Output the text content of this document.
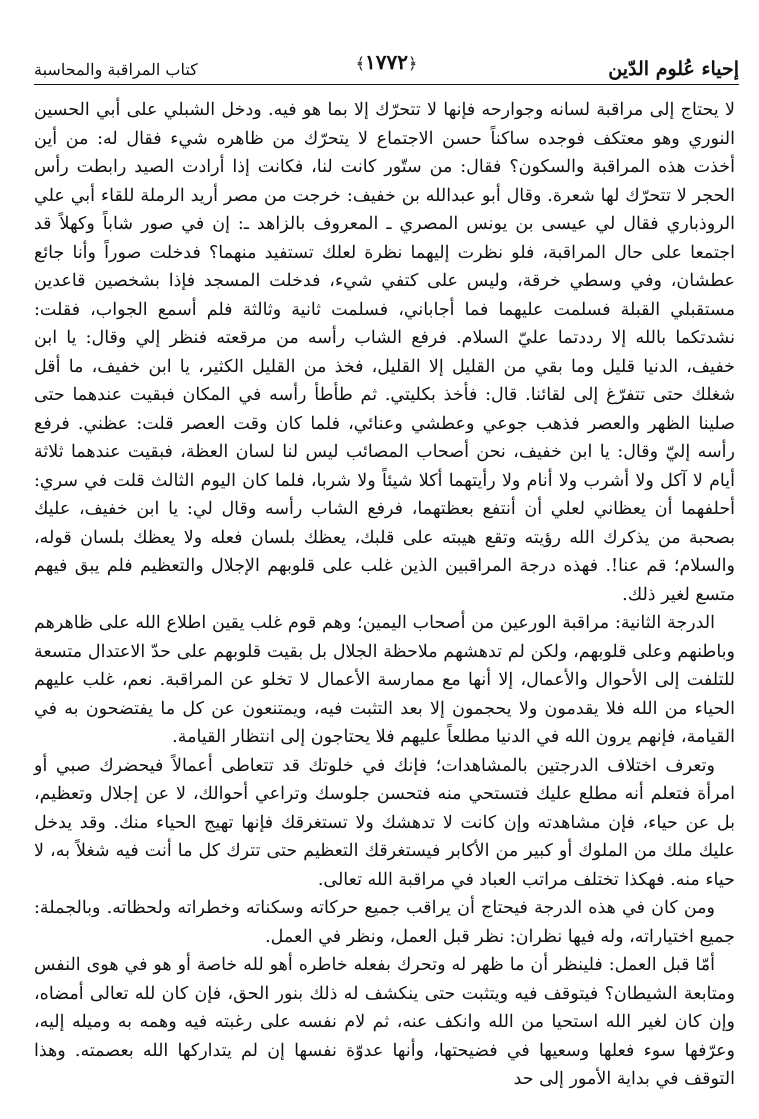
إحياء عُلوم الدّين
﴾١٧٧٢﴿
كتاب المراقبة والمحاسبة

لا يحتاج إلى مراقبة لسانه وجوارحه فإنها لا تتحرّك إلا بما هو فيه. ودخل الشبلي على أبي الحسين النوري وهو معتكف فوجده ساكناً حسن الاجتماع لا يتحرّك من ظاهره شيء فقال له: من أين أخذت هذه المراقبة والسكون؟ فقال: من ستّور كانت لنا، فكانت إذا أرادت الصيد رابطت رأس الحجر لا تتحرّك لها شعرة. وقال أبو عبدالله بن خفيف: خرجت من مصر أريد الرملة للقاء أبي علي الروذباري فقال لي عيسى بن يونس المصري ـ المعروف بالزاهد ـ: إن في صور شاباً وكهلاً قد اجتمعا على حال المراقبة، فلو نظرت إليهما نظرة لعلك تستفيد منهما؟ فدخلت صوراً وأنا جائع عطشان، وفي وسطي خرقة، وليس على كتفي شيء، فدخلت المسجد فإذا بشخصين قاعدين مستقبلي القبلة فسلمت عليهما فما أجاباني، فسلمت ثانية وثالثة فلم أسمع الجواب، فقلت: نشدتكما بالله إلا رددتما عليّ السلام. فرفع الشاب رأسه من مرقعته فنظر إلي وقال: يا ابن خفيف، الدنيا قليل وما بقي من القليل إلا القليل، فخذ من القليل الكثير، يا ابن خفيف، ما أقل شغلك حتى تتفرّغ إلى لقائنا. قال: فأخذ بكليتي. ثم طأطأ رأسه في المكان فبقيت عندهما حتى صلينا الظهر والعصر فذهب جوعي وعطشي وعنائي، فلما كان وقت العصر قلت: عظني. فرفع رأسه إليّ وقال: يا ابن خفيف، نحن أصحاب المصائب ليس لنا لسان العظة، فبقيت عندهما ثلاثة أيام لا آكل ولا أشرب ولا أنام ولا رأيتهما أكلا شيئاً ولا شربا، فلما كان اليوم الثالث قلت في سري: أحلفهما أن يعظاني لعلي أن أنتفع بعظتهما، فرفع الشاب رأسه وقال لي: يا ابن خفيف، عليك بصحبة من يذكرك الله رؤيته وتقع هيبته على قلبك، يعظك بلسان فعله ولا يعظك بلسان قوله، والسلام؛ قم عنا!. فهذه درجة المراقبين الذين غلب على قلوبهم الإجلال والتعظيم فلم يبق فيهم متسع لغير ذلك.

الدرجة الثانية: مراقبة الورعين من أصحاب اليمين؛ وهم قوم غلب يقين اطلاع الله على ظاهرهم وباطنهم وعلى قلوبهم، ولكن لم تدهشهم ملاحظة الجلال بل بقيت قلوبهم على حدّ الاعتدال متسعة للتلفت إلى الأحوال والأعمال، إلا أنها مع ممارسة الأعمال لا تخلو عن المراقبة. نعم، غلب عليهم الحياء من الله فلا يقدمون ولا يحجمون إلا بعد التثبت فيه، ويمتنعون عن كل ما يفتضحون به في القيامة، فإنهم يرون الله في الدنيا مطلعاً عليهم فلا يحتاجون إلى انتظار القيامة.

وتعرف اختلاف الدرجتين بالمشاهدات؛ فإنك في خلوتك قد تتعاطى أعمالاً فيحضرك صبي أو امرأة فتعلم أنه مطلع عليك فتستحي منه فتحسن جلوسك وتراعي أحوالك، لا عن إجلال وتعظيم، بل عن حياء، فإن مشاهدته وإن كانت لا تدهشك ولا تستغرقك فإنها تهيج الحياء منك. وقد يدخل عليك ملك من الملوك أو كبير من الأكابر فيستغرقك التعظيم حتى تترك كل ما أنت فيه شغلاً به، لا حياء منه. فهكذا تختلف مراتب العباد في مراقبة الله تعالى.

ومن كان في هذه الدرجة فيحتاج أن يراقب جميع حركاته وسكناته وخطراته ولحظاته. وبالجملة: جميع اختياراته، وله فيها نظران: نظر قبل العمل، ونظر في العمل.

أمّا قبل العمل: فلينظر أن ما ظهر له وتحرك بفعله خاطره أهو لله خاصة أو هو في هوى النفس ومتابعة الشيطان؟ فيتوقف فيه ويتثبت حتى ينكشف له ذلك بنور الحق، فإن كان لله تعالى أمضاه، وإن كان لغير الله استحيا من الله وانكف عنه، ثم لام نفسه على رغبته فيه وهمه به وميله إليه، وعرّفها سوء فعلها وسعيها في فضيحتها، وأنها عدوّة نفسها إن لم يتداركها الله بعصمته. وهذا التوقف في بداية الأمور إلى حد
